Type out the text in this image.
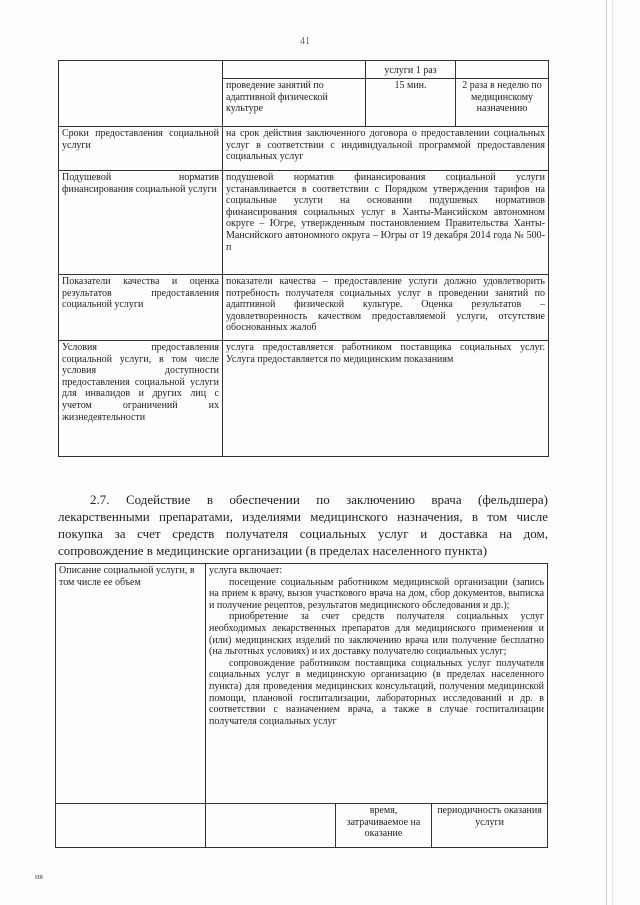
41
		услуги 1 раз	
	проведение занятий по адаптивной физической культуре	15 мин.	2 раза в неделю по медицинскому назначению
Сроки предоставления социальной услуги	на срок действия заключенного договора о предоставлении социальных услуг в соответствии с индивидуальной программой предоставления социальных услуг		
Подушевой норматив финансирования социальной услуги	подушевой норматив финансирования социальной услуги устанавливается в соответствии с Порядком утверждения тарифов на социальные услуги на основании подушевых нормативов финансирования социальных услуг в Ханты-Мансийском автономном округе – Югре, утвержденным постановлением Правительства Ханты-Мансийского автономного округа – Югры от 19 декабря 2014 года № 500-п		
Показатели качества и оценка результатов предоставления социальной услуги	показатели качества – предоставление услуги должно удовлетворить потребность получателя социальных услуг в проведении занятий по адаптивной физической культуре. Оценка результатов – удовлетворенность качеством предоставляемой услуги, отсутствие обоснованных жалоб		
Условия предоставления социальной услуги, в том числе условия доступности предоставления социальной услуги для инвалидов и других лиц с учетом ограничений их жизнедеятельности	услуга предоставляется работником поставщика социальных услуг. Услуга предоставляется по медицинским показаниям		
2.7. Содействие в обеспечении по заключению врача (фельдшера) лекарственными препаратами, изделиями медицинского назначения, в том числе покупка за счет средств получателя социальных услуг и доставка на дом, сопровождение в медицинские организации (в пределах населенного пункта)
Описание социальной услуги, в том числе ее объем	услуга включает:
посещение социальным работником медицинской организации (запись на прием к врачу, вызов участкового врача на дом, сбор документов, выписка и получение рецептов, результатов медицинского обследования и др.);
приобретение за счет средств получателя социальных услуг необходимых лекарственных препаратов для медицинского применения и (или) медицинских изделий по заключению врача или получение бесплатно (на льготных условиях) и их доставку получателю социальных услуг;
сопровождение работником поставщика социальных услуг получателя социальных услуг в медицинскую организацию (в пределах населенного пункта) для проведения медицинских консультаций, получения медицинской помощи, плановой госпитализации, лабораторных исследований и др. в соответствии с назначением врача, а также в случае госпитализации получателя социальных услуг		

		время, затрачиваемое на оказание	периодичность оказания услуги
ия
